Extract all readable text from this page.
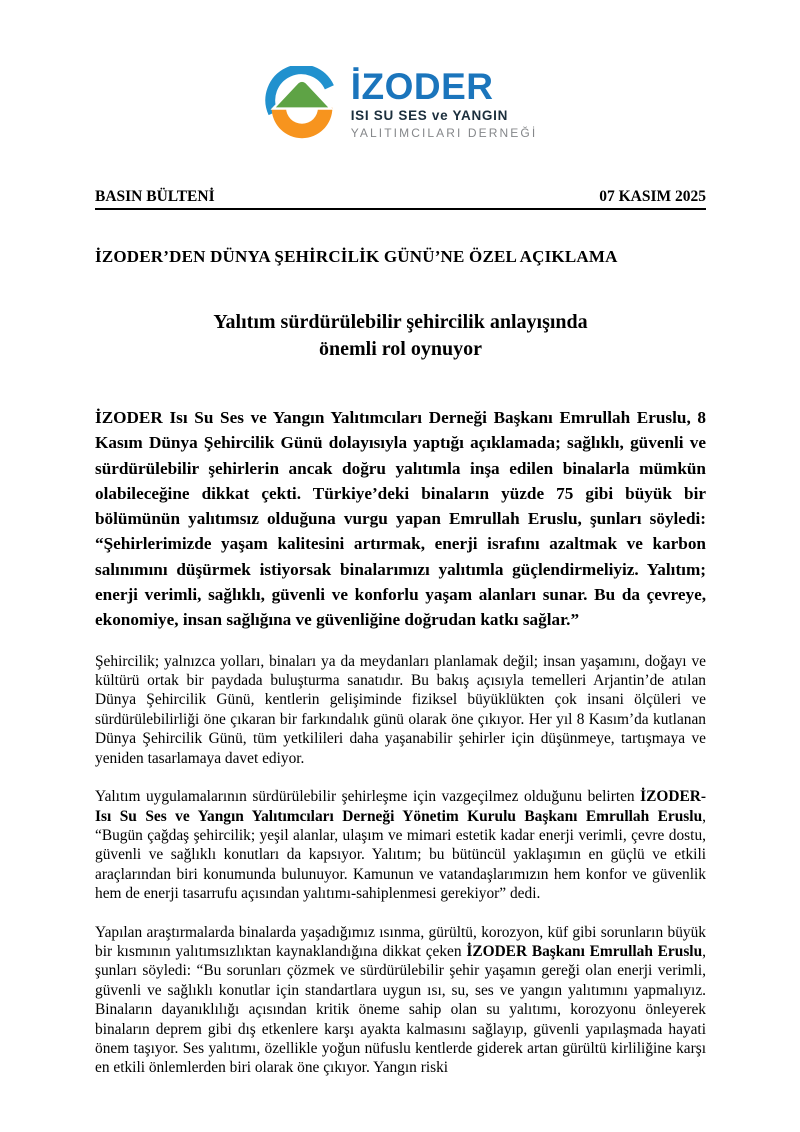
İZODER
ISI SU SES ve YANGIN
YALITIMCILARI DERNEĞİ
BASIN BÜLTENİ	07 KASIM 2025

İZODER’DEN DÜNYA ŞEHİRCİLİK GÜNÜ’NE ÖZEL AÇIKLAMA

Yalıtım sürdürülebilir şehircilik anlayışında
önemli rol oynuyor

İZODER Isı Su Ses ve Yangın Yalıtımcıları Derneği Başkanı Emrullah Eruslu, 8 Kasım Dünya Şehircilik Günü dolayısıyla yaptığı açıklamada; sağlıklı, güvenli ve sürdürülebilir şehirlerin ancak doğru yalıtımla inşa edilen binalarla mümkün olabileceğine dikkat çekti. Türkiye’deki binaların yüzde 75 gibi büyük bir bölümünün yalıtımsız olduğuna vurgu yapan Emrullah Eruslu, şunları söyledi: “Şehirlerimizde yaşam kalitesini artırmak, enerji israfını azaltmak ve karbon salınımını düşürmek istiyorsak binalarımızı yalıtımla güçlendirmeliyiz. Yalıtım; enerji verimli, sağlıklı, güvenli ve konforlu yaşam alanları sunar. Bu da çevreye, ekonomiye, insan sağlığına ve güvenliğine doğrudan katkı sağlar.”

Şehircilik; yalnızca yolları, binaları ya da meydanları planlamak değil; insan yaşamını, doğayı ve kültürü ortak bir paydada buluşturma sanatıdır. Bu bakış açısıyla temelleri Arjantin’de atılan Dünya Şehircilik Günü, kentlerin gelişiminde fiziksel büyüklükten çok insani ölçüleri ve sürdürülebilirliği öne çıkaran bir farkındalık günü olarak öne çıkıyor. Her yıl 8 Kasım’da kutlanan Dünya Şehircilik Günü, tüm yetkilileri daha yaşanabilir şehirler için düşünmeye, tartışmaya ve yeniden tasarlamaya davet ediyor.

Yalıtım uygulamalarının sürdürülebilir şehirleşme için vazgeçilmez olduğunu belirten İZODER-Isı Su Ses ve Yangın Yalıtımcıları Derneği Yönetim Kurulu Başkanı Emrullah Eruslu, “Bugün çağdaş şehircilik; yeşil alanlar, ulaşım ve mimari estetik kadar enerji verimli, çevre dostu, güvenli ve sağlıklı konutları da kapsıyor. Yalıtım; bu bütüncül yaklaşımın en güçlü ve etkili araçlarından biri konumunda bulunuyor. Kamunun ve vatandaşlarımızın hem konfor ve güvenlik hem de enerji tasarrufu açısından yalıtımı-sahiplenmesi gerekiyor” dedi.

Yapılan araştırmalarda binalarda yaşadığımız ısınma, gürültü, korozyon, küf gibi sorunların büyük bir kısmının yalıtımsızlıktan kaynaklandığına dikkat çeken İZODER Başkanı Emrullah Eruslu, şunları söyledi: “Bu sorunları çözmek ve sürdürülebilir şehir yaşamın gereği olan enerji verimli, güvenli ve sağlıklı konutlar için standartlara uygun ısı, su, ses ve yangın yalıtımını yapmalıyız. Binaların dayanıklılığı açısından kritik öneme sahip olan su yalıtımı, korozyonu önleyerek binaların deprem gibi dış etkenlere karşı ayakta kalmasını sağlayıp, güvenli yapılaşmada hayati önem taşıyor. Ses yalıtımı, özellikle yoğun nüfuslu kentlerde giderek artan gürültü kirliliğine karşı en etkili önlemlerden biri olarak öne çıkıyor. Yangın riski
